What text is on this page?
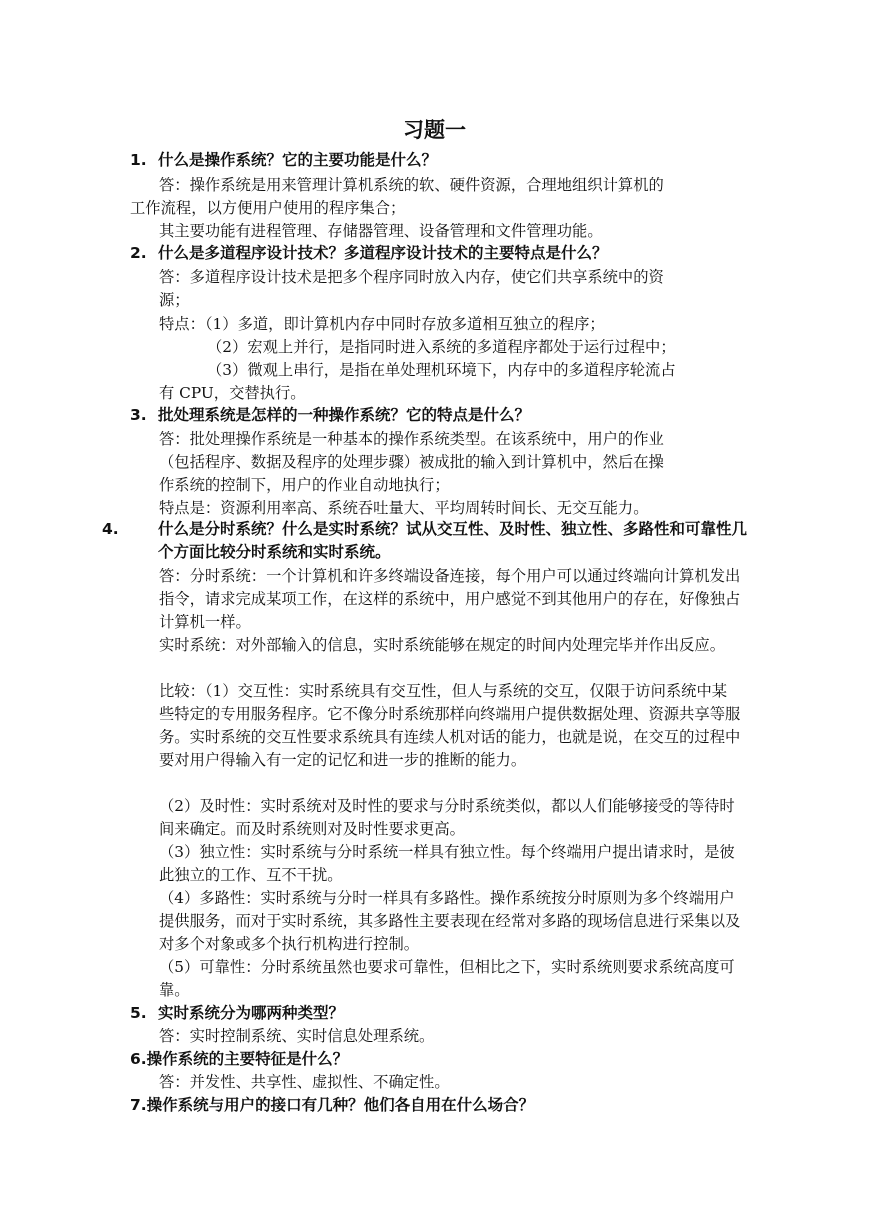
习题一
1. 什么是操作系统？它的主要功能是什么？
答：操作系统是用来管理计算机系统的软、硬件资源，合理地组织计算机的
工作流程，以方便用户使用的程序集合；
其主要功能有进程管理、存储器管理、设备管理和文件管理功能。
2. 什么是多道程序设计技术？多道程序设计技术的主要特点是什么？
答：多道程序设计技术是把多个程序同时放入内存，使它们共享系统中的资
源；
特点：（1）多道，即计算机内存中同时存放多道相互独立的程序；
（2）宏观上并行，是指同时进入系统的多道程序都处于运行过程中；
（3）微观上串行，是指在单处理机环境下，内存中的多道程序轮流占
有 CPU，交替执行。
3. 批处理系统是怎样的一种操作系统？它的特点是什么？
答：批处理操作系统是一种基本的操作系统类型。在该系统中，用户的作业
（包括程序、数据及程序的处理步骤）被成批的输入到计算机中，然后在操
作系统的控制下，用户的作业自动地执行；
特点是：资源利用率高、系统吞吐量大、平均周转时间长、无交互能力。
4.	什么是分时系统？什么是实时系统？试从交互性、及时性、独立性、多路性和可靠性几个方面比较分时系统和实时系统。
答：分时系统：一个计算机和许多终端设备连接，每个用户可以通过终端向计算机发出指令，请求完成某项工作，在这样的系统中，用户感觉不到其他用户的存在，好像独占计算机一样。
实时系统：对外部输入的信息，实时系统能够在规定的时间内处理完毕并作出反应。
比较：（1）交互性：实时系统具有交互性，但人与系统的交互，仅限于访问系统中某些特定的专用服务程序。它不像分时系统那样向终端用户提供数据处理、资源共享等服务。实时系统的交互性要求系统具有连续人机对话的能力，也就是说，在交互的过程中要对用户得输入有一定的记忆和进一步的推断的能力。
（2）及时性：实时系统对及时性的要求与分时系统类似，都以人们能够接受的等待时间来确定。而及时系统则对及时性要求更高。
（3）独立性：实时系统与分时系统一样具有独立性。每个终端用户提出请求时，是彼此独立的工作、互不干扰。
（4）多路性：实时系统与分时一样具有多路性。操作系统按分时原则为多个终端用户提供服务，而对于实时系统，其多路性主要表现在经常对多路的现场信息进行采集以及对多个对象或多个执行机构进行控制。
（5）可靠性：分时系统虽然也要求可靠性，但相比之下，实时系统则要求系统高度可靠。
5. 实时系统分为哪两种类型？
答：实时控制系统、实时信息处理系统。
6.操作系统的主要特征是什么？
答：并发性、共享性、虚拟性、不确定性。
7.操作系统与用户的接口有几种？他们各自用在什么场合？
